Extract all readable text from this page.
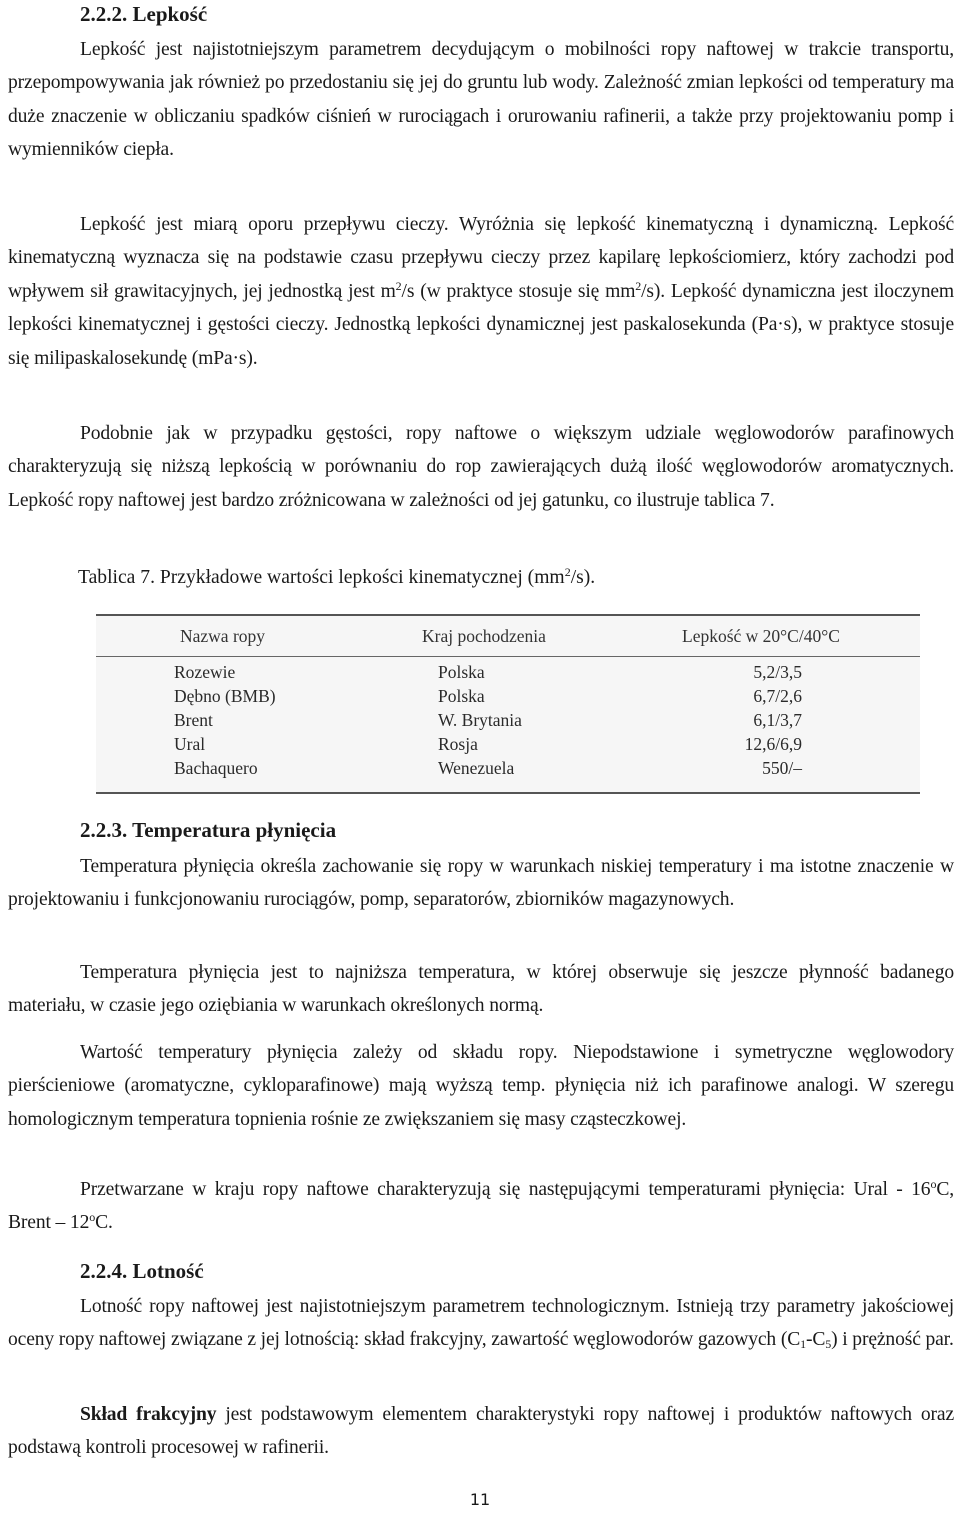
2.2.2. Lepkość

Lepkość jest najistotniejszym parametrem decydującym o mobilności ropy naftowej w trakcie transportu, przepompowywania jak również po przedostaniu się jej do gruntu lub wody. Zależność zmian lepkości od temperatury ma duże znaczenie w obliczaniu spadków ciśnień w rurociągach i orurowaniu rafinerii, a także przy projektowaniu pomp i wymienników ciepła.

Lepkość jest miarą oporu przepływu cieczy. Wyróżnia się lepkość kinematyczną i dynamiczną. Lepkość kinematyczną wyznacza się na podstawie czasu przepływu cieczy przez kapilarę lepkościomierz, który zachodzi pod wpływem sił grawitacyjnych, jej jednostką jest $m^2/s$ (w praktyce stosuje się $mm^2/s$). Lepkość dynamiczna jest iloczynem lepkości kinematycznej i gęstości cieczy. Jednostką lepkości dynamicznej jest paskalosekunda (Pa·s), w praktyce stosuje się milipaskalosekundę (mPa·s).

Podobnie jak w przypadku gęstości, ropy naftowe o większym udziale węglowodorów parafinowych charakteryzują się niższą lepkością w porównaniu do rop zawierających dużą ilość węglowodorów aromatycznych. Lepkość ropy naftowej jest bardzo zróżnicowana w zależności od jej gatunku, co ilustruje tablica 7.

Tablica 7. Przykładowe wartości lepkości kinematycznej $(mm^2/s)$.
Nazwa ropy	Kraj pochodzenia	Lepkość w 20°C/40°C
Rozewie	Polska	5,2/3,5
Dębno (BMB)	Polska	6,7/2,6
Brent	W. Brytania	6,1/3,7
Ural	Rosja	12,6/6,9
Bachaquero	Wenezuela	550/–
2.2.3. Temperatura płynięcia

Temperatura płynięcia określa zachowanie się ropy w warunkach niskiej temperatury i ma istotne znaczenie w projektowaniu i funkcjonowaniu rurociągów, pomp, separatorów, zbiorników magazynowych.

Temperatura płynięcia jest to najniższa temperatura, w której obserwuje się jeszcze płynność badanego materiału, w czasie jego oziębiania w warunkach określonych normą.

Wartość temperatury płynięcia zależy od składu ropy. Niepodstawione i symetryczne węglowodory pierścieniowe (aromatyczne, cykloparafinowe) mają wyższą temp. płynięcia niż ich parafinowe analogi. W szeregu homologicznym temperatura topnienia rośnie ze zwiększaniem się masy cząsteczkowej.

Przetwarzane w kraju ropy naftowe charakteryzują się następującymi temperaturami płynięcia: Ural - 16$^o$C, Brent – 12$^o$C.

2.2.4. Lotność

Lotność ropy naftowej jest najistotniejszym parametrem technologicznym. Istnieją trzy parametry jakościowej oceny ropy naftowej związane z jej lotnością: skład frakcyjny, zawartość węglowodorów gazowych $(C_1-C_5)$ i prężność par.

Skład frakcyjny jest podstawowym elementem charakterystyki ropy naftowej i produktów naftowych oraz podstawą kontroli procesowej w rafinerii.

11
